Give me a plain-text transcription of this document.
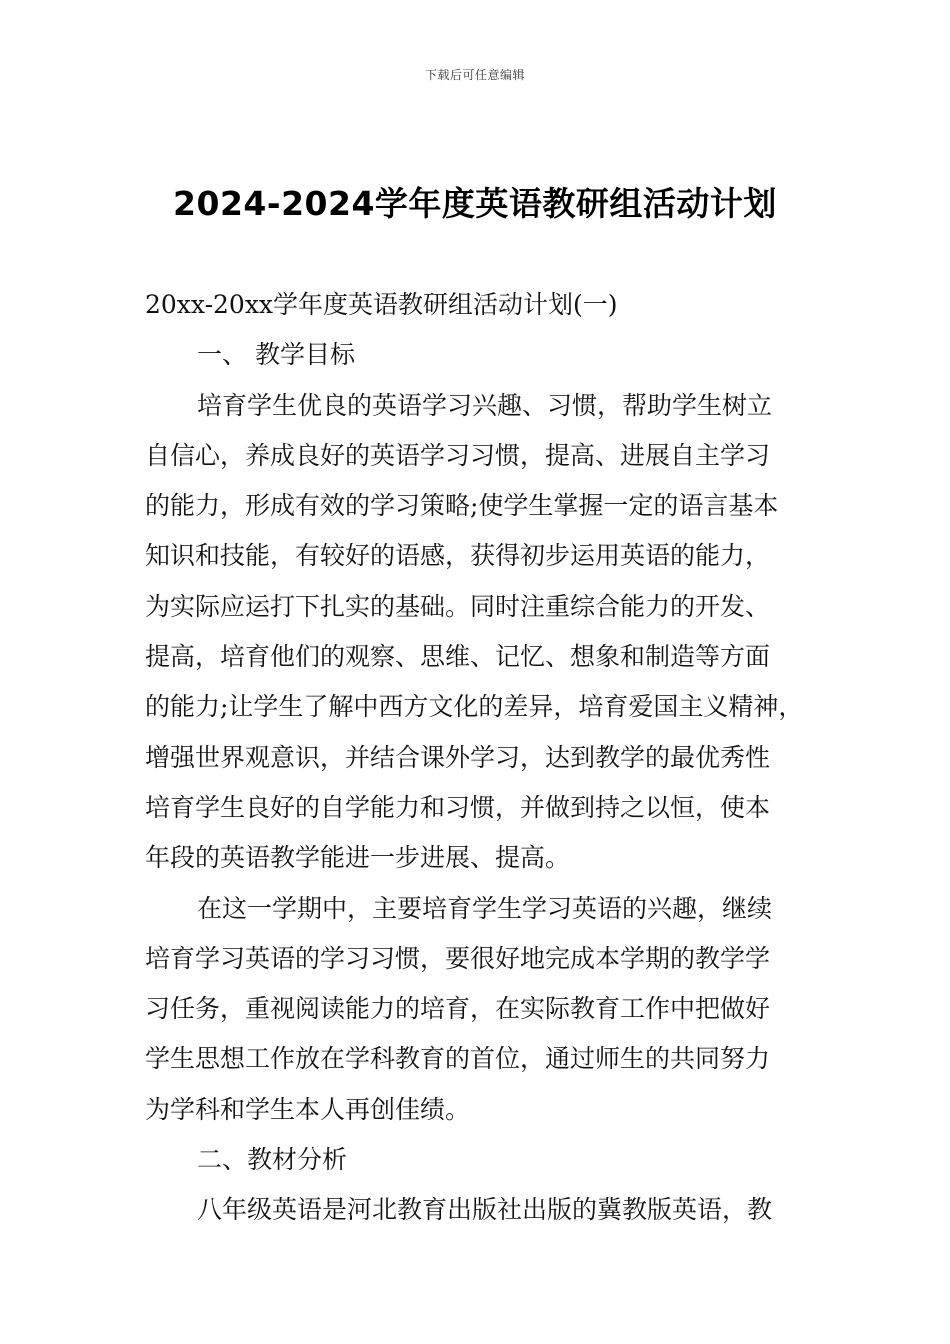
下载后可任意编辑
2024-2024学年度英语教研组活动计划

20xx-20xx学年度英语教研组活动计划(一)

一、 教学目标

培育学生优良的英语学习兴趣、习惯，帮助学生树立
自信心，养成良好的英语学习习惯，提高、进展自主学习
的能力，形成有效的学习策略;使学生掌握一定的语言基本
知识和技能，有较好的语感，获得初步运用英语的能力，
为实际应运打下扎实的基础。同时注重综合能力的开发、
提高，培育他们的观察、思维、记忆、想象和制造等方面
的能力;让学生了解中西方文化的差异，培育爱国主义精神，
增强世界观意识，并结合课外学习，达到教学的最优秀性
培育学生良好的自学能力和习惯，并做到持之以恒，使本
年段的英语教学能进一步进展、提高。

在这一学期中，主要培育学生学习英语的兴趣，继续
培育学习英语的学习习惯，要很好地完成本学期的教学学
习任务，重视阅读能力的培育，在实际教育工作中把做好
学生思想工作放在学科教育的首位，通过师生的共同努力
为学科和学生本人再创佳绩。

二、教材分析

八年级英语是河北教育出版社出版的冀教版英语，教
